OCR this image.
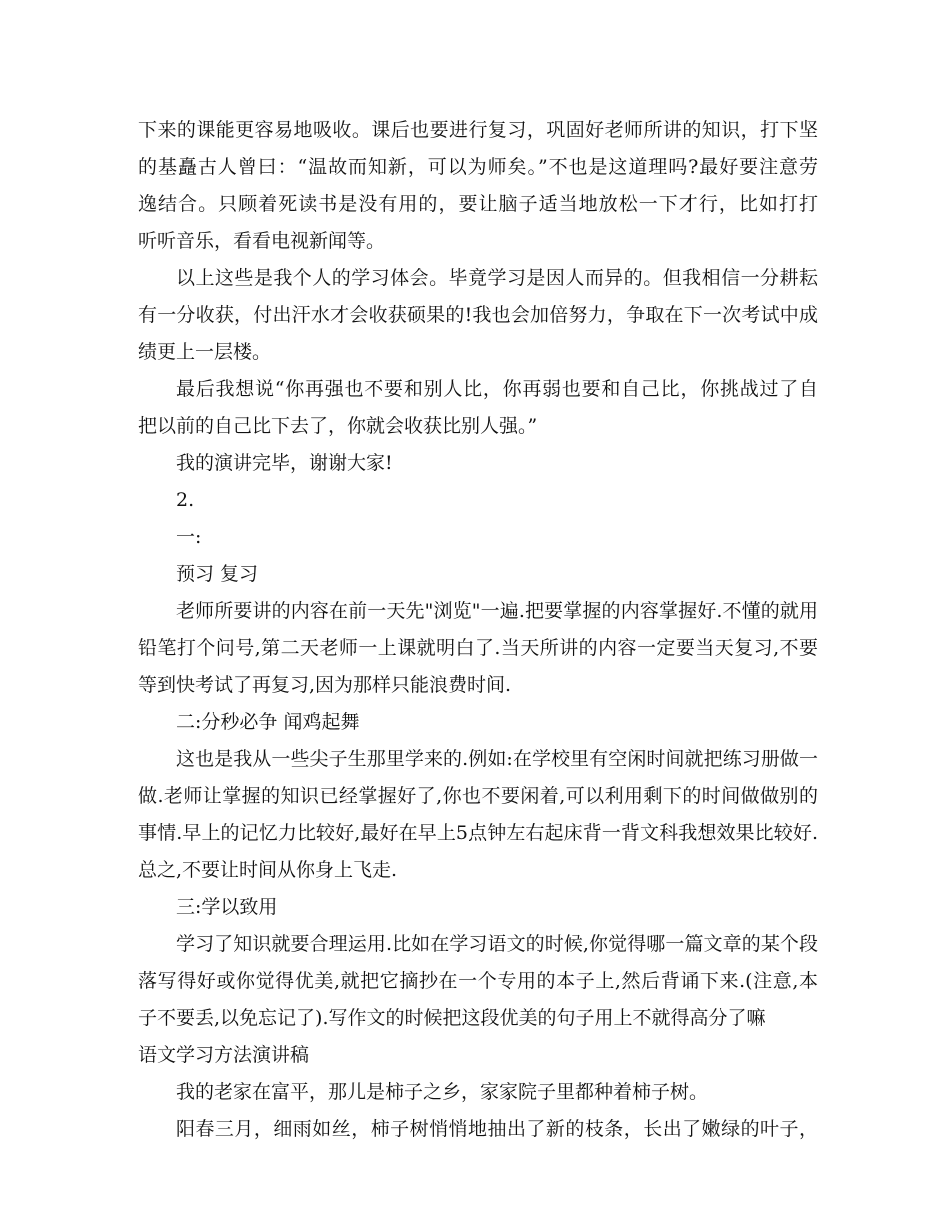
下来的课能更容易地吸收。课后也要进行复习，巩固好老师所讲的知识，打下坚
的基矗古人曾曰：“温故而知新，可以为师矣。”不也是这道理吗?最好要注意劳
逸结合。只顾着死读书是没有用的，要让脑子适当地放松一下才行，比如打打
听听音乐，看看电视新闻等。
以上这些是我个人的学习体会。毕竟学习是因人而异的。但我相信一分耕耘
有一分收获，付出汗水才会收获硕果的!我也会加倍努力，争取在下一次考试中成
绩更上一层楼。
最后我想说“你再强也不要和别人比，你再弱也要和自己比，你挑战过了自
把以前的自己比下去了，你就会收获比别人强。”
我的演讲完毕，谢谢大家!
2.
一:
预习 复习
老师所要讲的内容在前一天先"浏览"一遍.把要掌握的内容掌握好.不懂的就用
铅笔打个问号,第二天老师一上课就明白了.当天所讲的内容一定要当天复习,不要
等到快考试了再复习,因为那样只能浪费时间.
二:分秒必争 闻鸡起舞
这也是我从一些尖子生那里学来的.例如:在学校里有空闲时间就把练习册做一
做.老师让掌握的知识已经掌握好了,你也不要闲着,可以利用剩下的时间做做别的
事情.早上的记忆力比较好,最好在早上5点钟左右起床背一背文科我想效果比较好.
总之,不要让时间从你身上飞走.
三:学以致用
学习了知识就要合理运用.比如在学习语文的时候,你觉得哪一篇文章的某个段
落写得好或你觉得优美,就把它摘抄在一个专用的本子上,然后背诵下来.(注意,本
子不要丢,以免忘记了).写作文的时候把这段优美的句子用上不就得高分了嘛
语文学习方法演讲稿
我的老家在富平，那儿是柿子之乡，家家院子里都种着柿子树。
阳春三月，细雨如丝，柿子树悄悄地抽出了新的枝条，长出了嫩绿的叶子，
